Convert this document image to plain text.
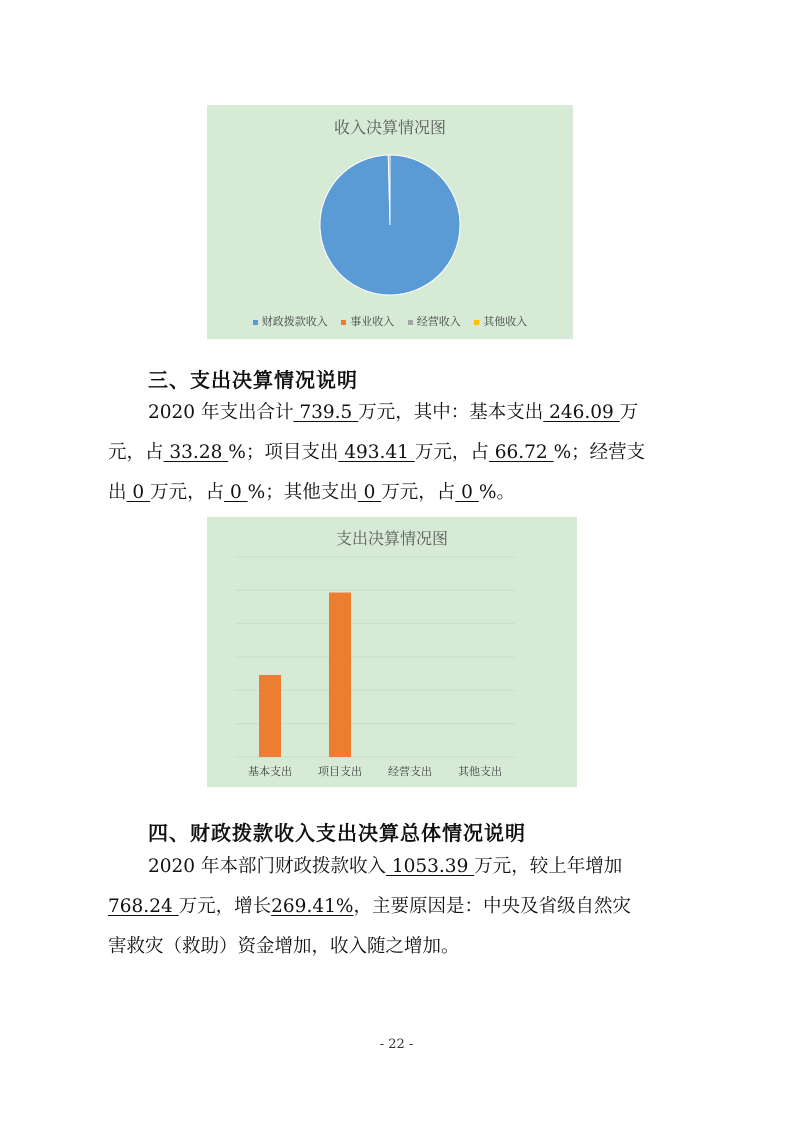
收入决算情况图
财政拨款收入 事业收入 经营收入 其他收入
三、支出决算情况说明
2020 年支出合计 739.5 万元，其中：基本支出 246.09 万
元，占 33.28 %；项目支出 493.41 万元，占 66.72 %；经营支
出 0 万元，占 0 %；其他支出 0 万元，占 0 %。
支出决算情况图
基本支出 项目支出 经营支出 其他支出
四、财政拨款收入支出决算总体情况说明
2020 年本部门财政拨款收入 1053.39 万元，较上年增加
768.24 万元，增长269.41%，主要原因是：中央及省级自然灾
害救灾（救助）资金增加，收入随之增加。
- 22 -
